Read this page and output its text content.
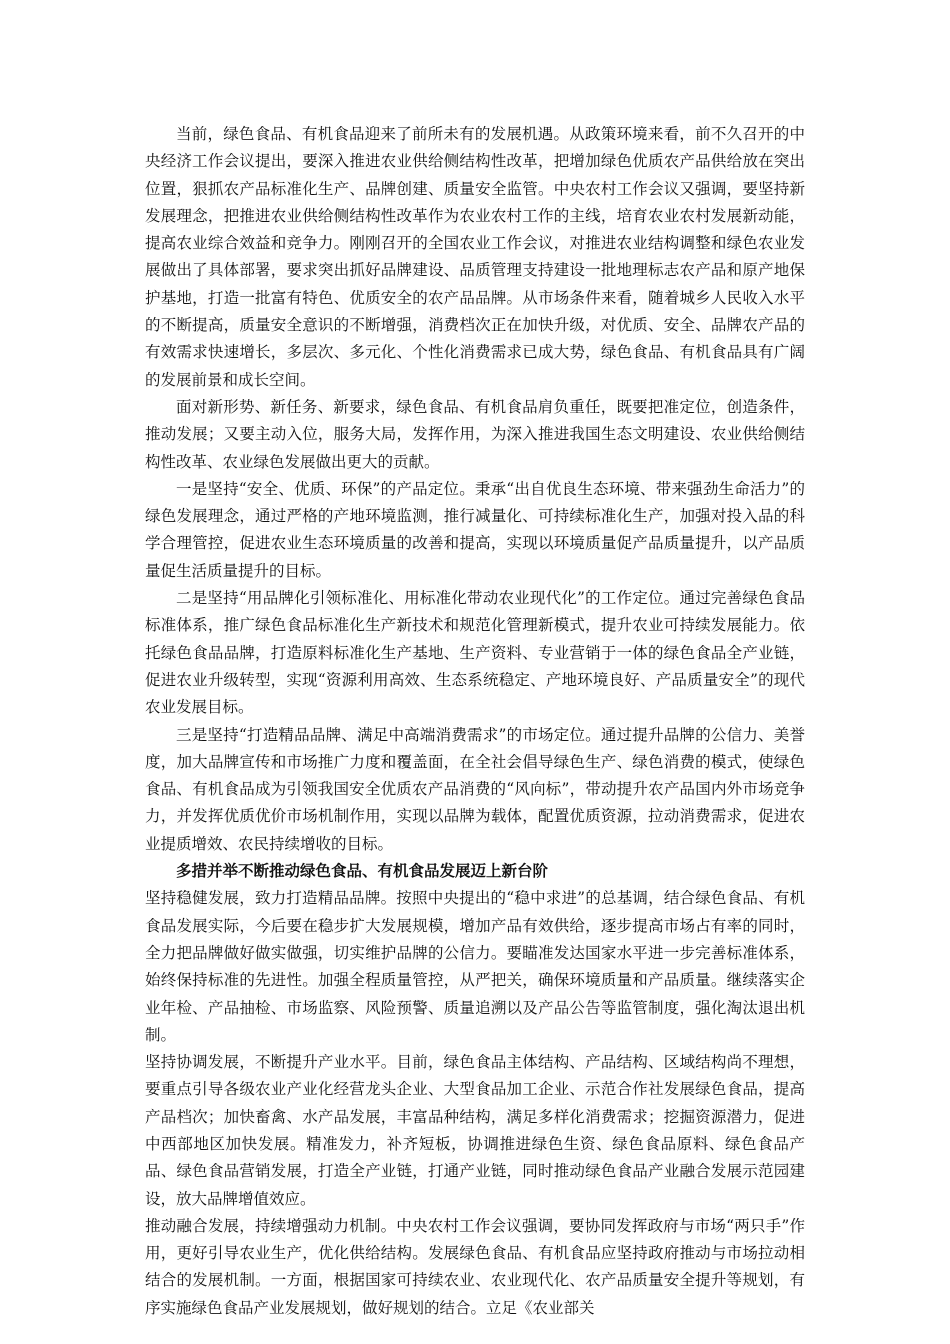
当前，绿色食品、有机食品迎来了前所未有的发展机遇。从政策环境来看，前不久召开的中央经济工作会议提出，要深入推进农业供给侧结构性改革，把增加绿色优质农产品供给放在突出位置，狠抓农产品标准化生产、品牌创建、质量安全监管。中央农村工作会议又强调，要坚持新发展理念，把推进农业供给侧结构性改革作为农业农村工作的主线，培育农业农村发展新动能，提高农业综合效益和竞争力。刚刚召开的全国农业工作会议，对推进农业结构调整和绿色农业发展做出了具体部署，要求突出抓好品牌建设、品质管理支持建设一批地理标志农产品和原产地保护基地，打造一批富有特色、优质安全的农产品品牌。从市场条件来看，随着城乡人民收入水平的不断提高，质量安全意识的不断增强，消费档次正在加快升级，对优质、安全、品牌农产品的有效需求快速增长，多层次、多元化、个性化消费需求已成大势，绿色食品、有机食品具有广阔的发展前景和成长空间。

面对新形势、新任务、新要求，绿色食品、有机食品肩负重任，既要把准定位，创造条件，推动发展；又要主动入位，服务大局，发挥作用，为深入推进我国生态文明建设、农业供给侧结构性改革、农业绿色发展做出更大的贡献。

一是坚持“安全、优质、环保”的产品定位。秉承“出自优良生态环境、带来强劲生命活力”的绿色发展理念，通过严格的产地环境监测，推行减量化、可持续标准化生产，加强对投入品的科学合理管控，促进农业生态环境质量的改善和提高，实现以环境质量促产品质量提升，以产品质量促生活质量提升的目标。

二是坚持“用品牌化引领标准化、用标准化带动农业现代化”的工作定位。通过完善绿色食品标准体系，推广绿色食品标准化生产新技术和规范化管理新模式，提升农业可持续发展能力。依托绿色食品品牌，打造原料标准化生产基地、生产资料、专业营销于一体的绿色食品全产业链，促进农业升级转型，实现“资源利用高效、生态系统稳定、产地环境良好、产品质量安全”的现代农业发展目标。

三是坚持“打造精品品牌、满足中高端消费需求”的市场定位。通过提升品牌的公信力、美誉度，加大品牌宣传和市场推广力度和覆盖面，在全社会倡导绿色生产、绿色消费的模式，使绿色食品、有机食品成为引领我国安全优质农产品消费的“风向标”，带动提升农产品国内外市场竞争力，并发挥优质优价市场机制作用，实现以品牌为载体，配置优质资源，拉动消费需求，促进农业提质增效、农民持续增收的目标。

多措并举不断推动绿色食品、有机食品发展迈上新台阶

坚持稳健发展，致力打造精品品牌。按照中央提出的“稳中求进”的总基调，结合绿色食品、有机食品发展实际，今后要在稳步扩大发展规模，增加产品有效供给，逐步提高市场占有率的同时，全力把品牌做好做实做强，切实维护品牌的公信力。要瞄准发达国家水平进一步完善标准体系，始终保持标准的先进性。加强全程质量管控，从严把关，确保环境质量和产品质量。继续落实企业年检、产品抽检、市场监察、风险预警、质量追溯以及产品公告等监管制度，强化淘汰退出机制。

坚持协调发展，不断提升产业水平。目前，绿色食品主体结构、产品结构、区域结构尚不理想，要重点引导各级农业产业化经营龙头企业、大型食品加工企业、示范合作社发展绿色食品，提高产品档次；加快畜禽、水产品发展，丰富品种结构，满足多样化消费需求；挖掘资源潜力，促进中西部地区加快发展。精准发力，补齐短板，协调推进绿色生资、绿色食品原料、绿色食品产品、绿色食品营销发展，打造全产业链，打通产业链，同时推动绿色食品产业融合发展示范园建设，放大品牌增值效应。

推动融合发展，持续增强动力机制。中央农村工作会议强调，要协同发挥政府与市场“两只手”作用，更好引导农业生产，优化供给结构。发展绿色食品、有机食品应坚持政府推动与市场拉动相结合的发展机制。一方面，根据国家可持续农业、农业现代化、农产品质量安全提升等规划，有序实施绿色食品产业发展规划，做好规划的结合。立足《农业部关
